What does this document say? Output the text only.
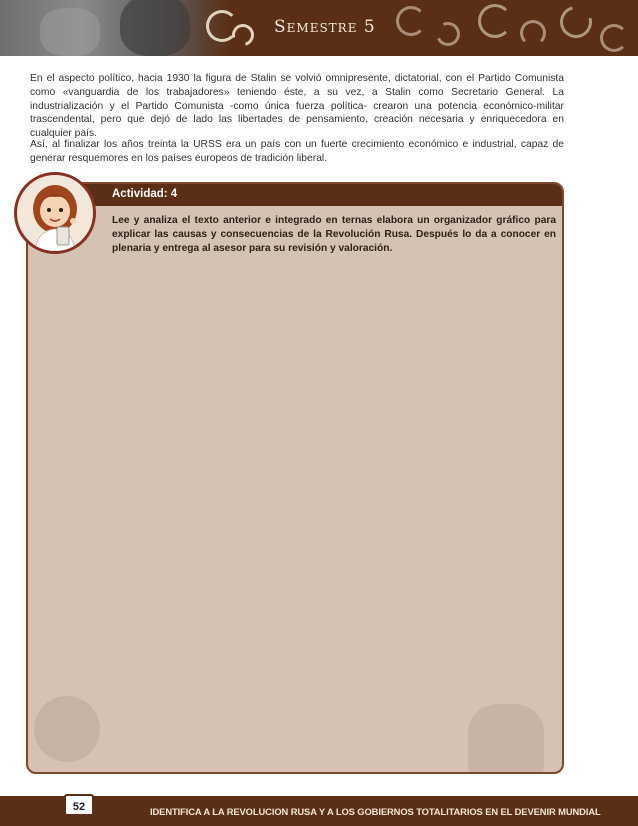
Semestre 5

En el aspecto político, hacia 1930 la figura de Stalin se volvió omnipresente, dictatorial, con el Partido Comunista como «vanguardia de los trabajadores» teniendo éste, a su vez, a Stalin como Secretario General. La industrialización y el Partido Comunista -como única fuerza política- crearon una potencia económico-militar trascendental, pero que dejó de lado las libertades de pensamiento, creación necesaria y enriquecedora en cualquier país.

Así, al finalizar los años treinta la URSS era un país con un fuerte crecimiento económico e industrial, capaz de generar resquemores en los países europeos de tradición liberal.

Actividad: 4

Lee y analiza el texto anterior e integrado en ternas elabora un organizador gráfico para explicar las causas y consecuencias de la Revolución Rusa. Después lo da a conocer en plenaria y entrega al asesor para su revisión y valoración.

52	IDENTIFICA A LA REVOLUCION RUSA Y A LOS GOBIERNOS TOTALITARIOS EN EL DEVENIR MUNDIAL
